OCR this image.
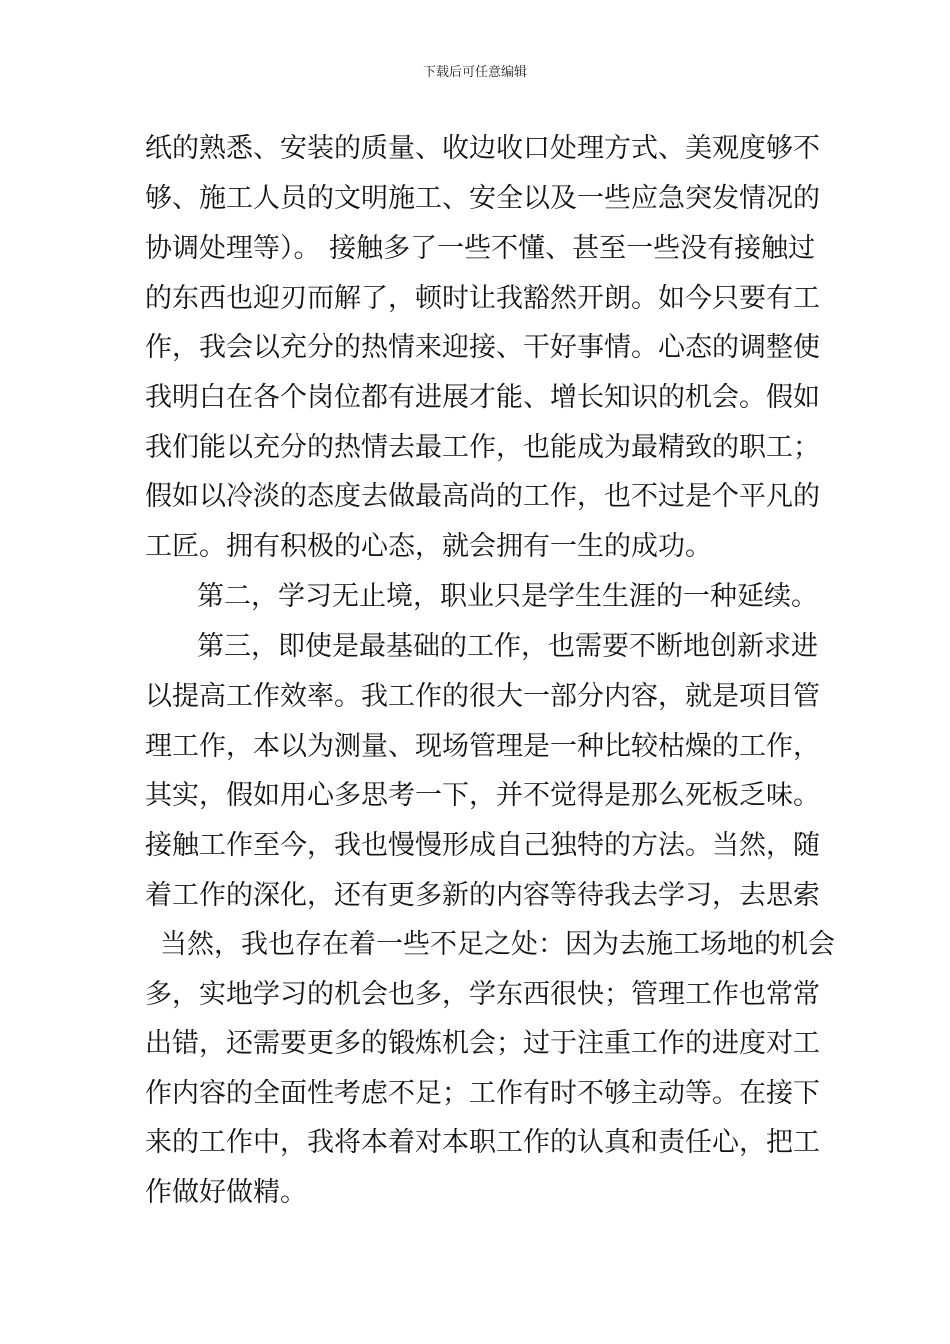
下载后可任意编辑
纸的熟悉、安装的质量、收边收口处理方式、美观度够不
够、施工人员的文明施工、安全以及一些应急突发情况的
协调处理等）。 接触多了一些不懂、甚至一些没有接触过
的东西也迎刃而解了，顿时让我豁然开朗。如今只要有工
作，我会以充分的热情来迎接、干好事情。心态的调整使
我明白在各个岗位都有进展才能、增长知识的机会。假如
我们能以充分的热情去最工作，也能成为最精致的职工；
假如以冷淡的态度去做最高尚的工作，也不过是个平凡的
工匠。拥有积极的心态，就会拥有一生的成功。
第二，学习无止境，职业只是学生生涯的一种延续。
第三，即使是最基础的工作，也需要不断地创新求进
以提高工作效率。我工作的很大一部分内容，就是项目管
理工作，本以为测量、现场管理是一种比较枯燥的工作，
其实，假如用心多思考一下，并不觉得是那么死板乏味。
接触工作至今，我也慢慢形成自己独特的方法。当然，随
着工作的深化，还有更多新的内容等待我去学习，去思索
当然，我也存在着一些不足之处：因为去施工场地的机会
多，实地学习的机会也多，学东西很快；管理工作也常常
出错，还需要更多的锻炼机会；过于注重工作的进度对工
作内容的全面性考虑不足；工作有时不够主动等。在接下
来的工作中，我将本着对本职工作的认真和责任心，把工
作做好做精。
